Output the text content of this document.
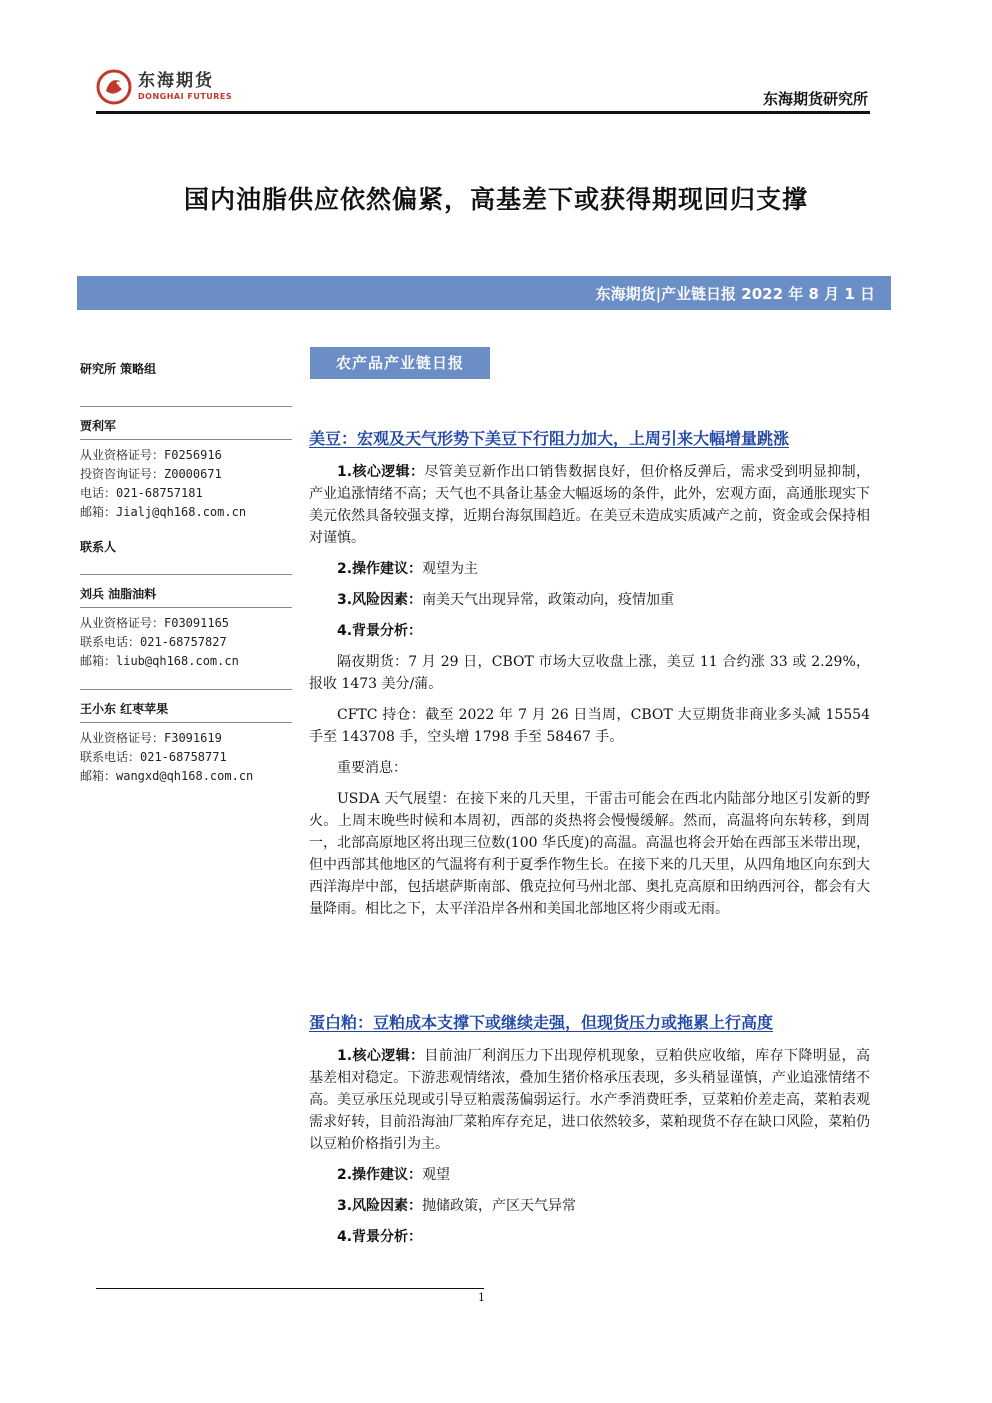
东海期货
DONGHAI FUTURES	东海期货研究所
国内油脂供应依然偏紧，高基差下或获得期现回归支撑
东海期货|产业链日报 2022 年 8 月 1 日
研究所 策略组
贾利军
从业资格证号：F0256916
投资咨询证号：Z0000671
电话：021-68757181
邮箱：Jialj@qh168.com.cn
联系人
刘兵 油脂油料
从业资格证号：F03091165
联系电话：021-68757827
邮箱：liub@qh168.com.cn
王小东 红枣苹果
从业资格证号：F3091619
联系电话：021-68758771
邮箱：wangxd@qh168.com.cn
农产品产业链日报
美豆：宏观及天气形势下美豆下行阻力加大，上周引来大幅增量跳涨

1.核心逻辑：尽管美豆新作出口销售数据良好，但价格反弹后，需求受到明显抑制，产业追涨情绪不高；天气也不具备让基金大幅返场的条件，此外，宏观方面，高通胀现实下美元依然具备较强支撑，近期台海氛围趋近。在美豆未造成实质减产之前，资金或会保持相对谨慎。

2.操作建议：观望为主

3.风险因素：南美天气出现异常，政策动向，疫情加重

4.背景分析：

隔夜期货：7 月 29 日，CBOT 市场大豆收盘上涨，美豆 11 合约涨 33 或 2.29%，报收 1473 美分/蒲。

CFTC 持仓：截至 2022 年 7 月 26 日当周，CBOT 大豆期货非商业多头减 15554 手至 143708 手，空头增 1798 手至 58467 手。

重要消息：

USDA 天气展望：在接下来的几天里，干雷击可能会在西北内陆部分地区引发新的野火。上周末晚些时候和本周初，西部的炎热将会慢慢缓解。然而，高温将向东转移，到周一，北部高原地区将出现三位数(100 华氏度)的高温。高温也将会开始在西部玉米带出现，但中西部其他地区的气温将有利于夏季作物生长。在接下来的几天里，从四角地区向东到大西洋海岸中部，包括堪萨斯南部、俄克拉何马州北部、奥扎克高原和田纳西河谷，都会有大量降雨。相比之下，太平洋沿岸各州和美国北部地区将少雨或无雨。

蛋白粕：豆粕成本支撑下或继续走强，但现货压力或拖累上行高度

1.核心逻辑：目前油厂利润压力下出现停机现象，豆粕供应收缩，库存下降明显，高基差相对稳定。下游悲观情绪浓，叠加生猪价格承压表现，多头稍显谨慎，产业追涨情绪不高。美豆承压兑现或引导豆粕震荡偏弱运行。水产季消费旺季，豆菜粕价差走高，菜粕表观需求好转，目前沿海油厂菜粕库存充足，进口依然较多，菜粕现货不存在缺口风险，菜粕仍以豆粕价格指引为主。

2.操作建议：观望

3.风险因素：抛储政策，产区天气异常

4.背景分析：

1
